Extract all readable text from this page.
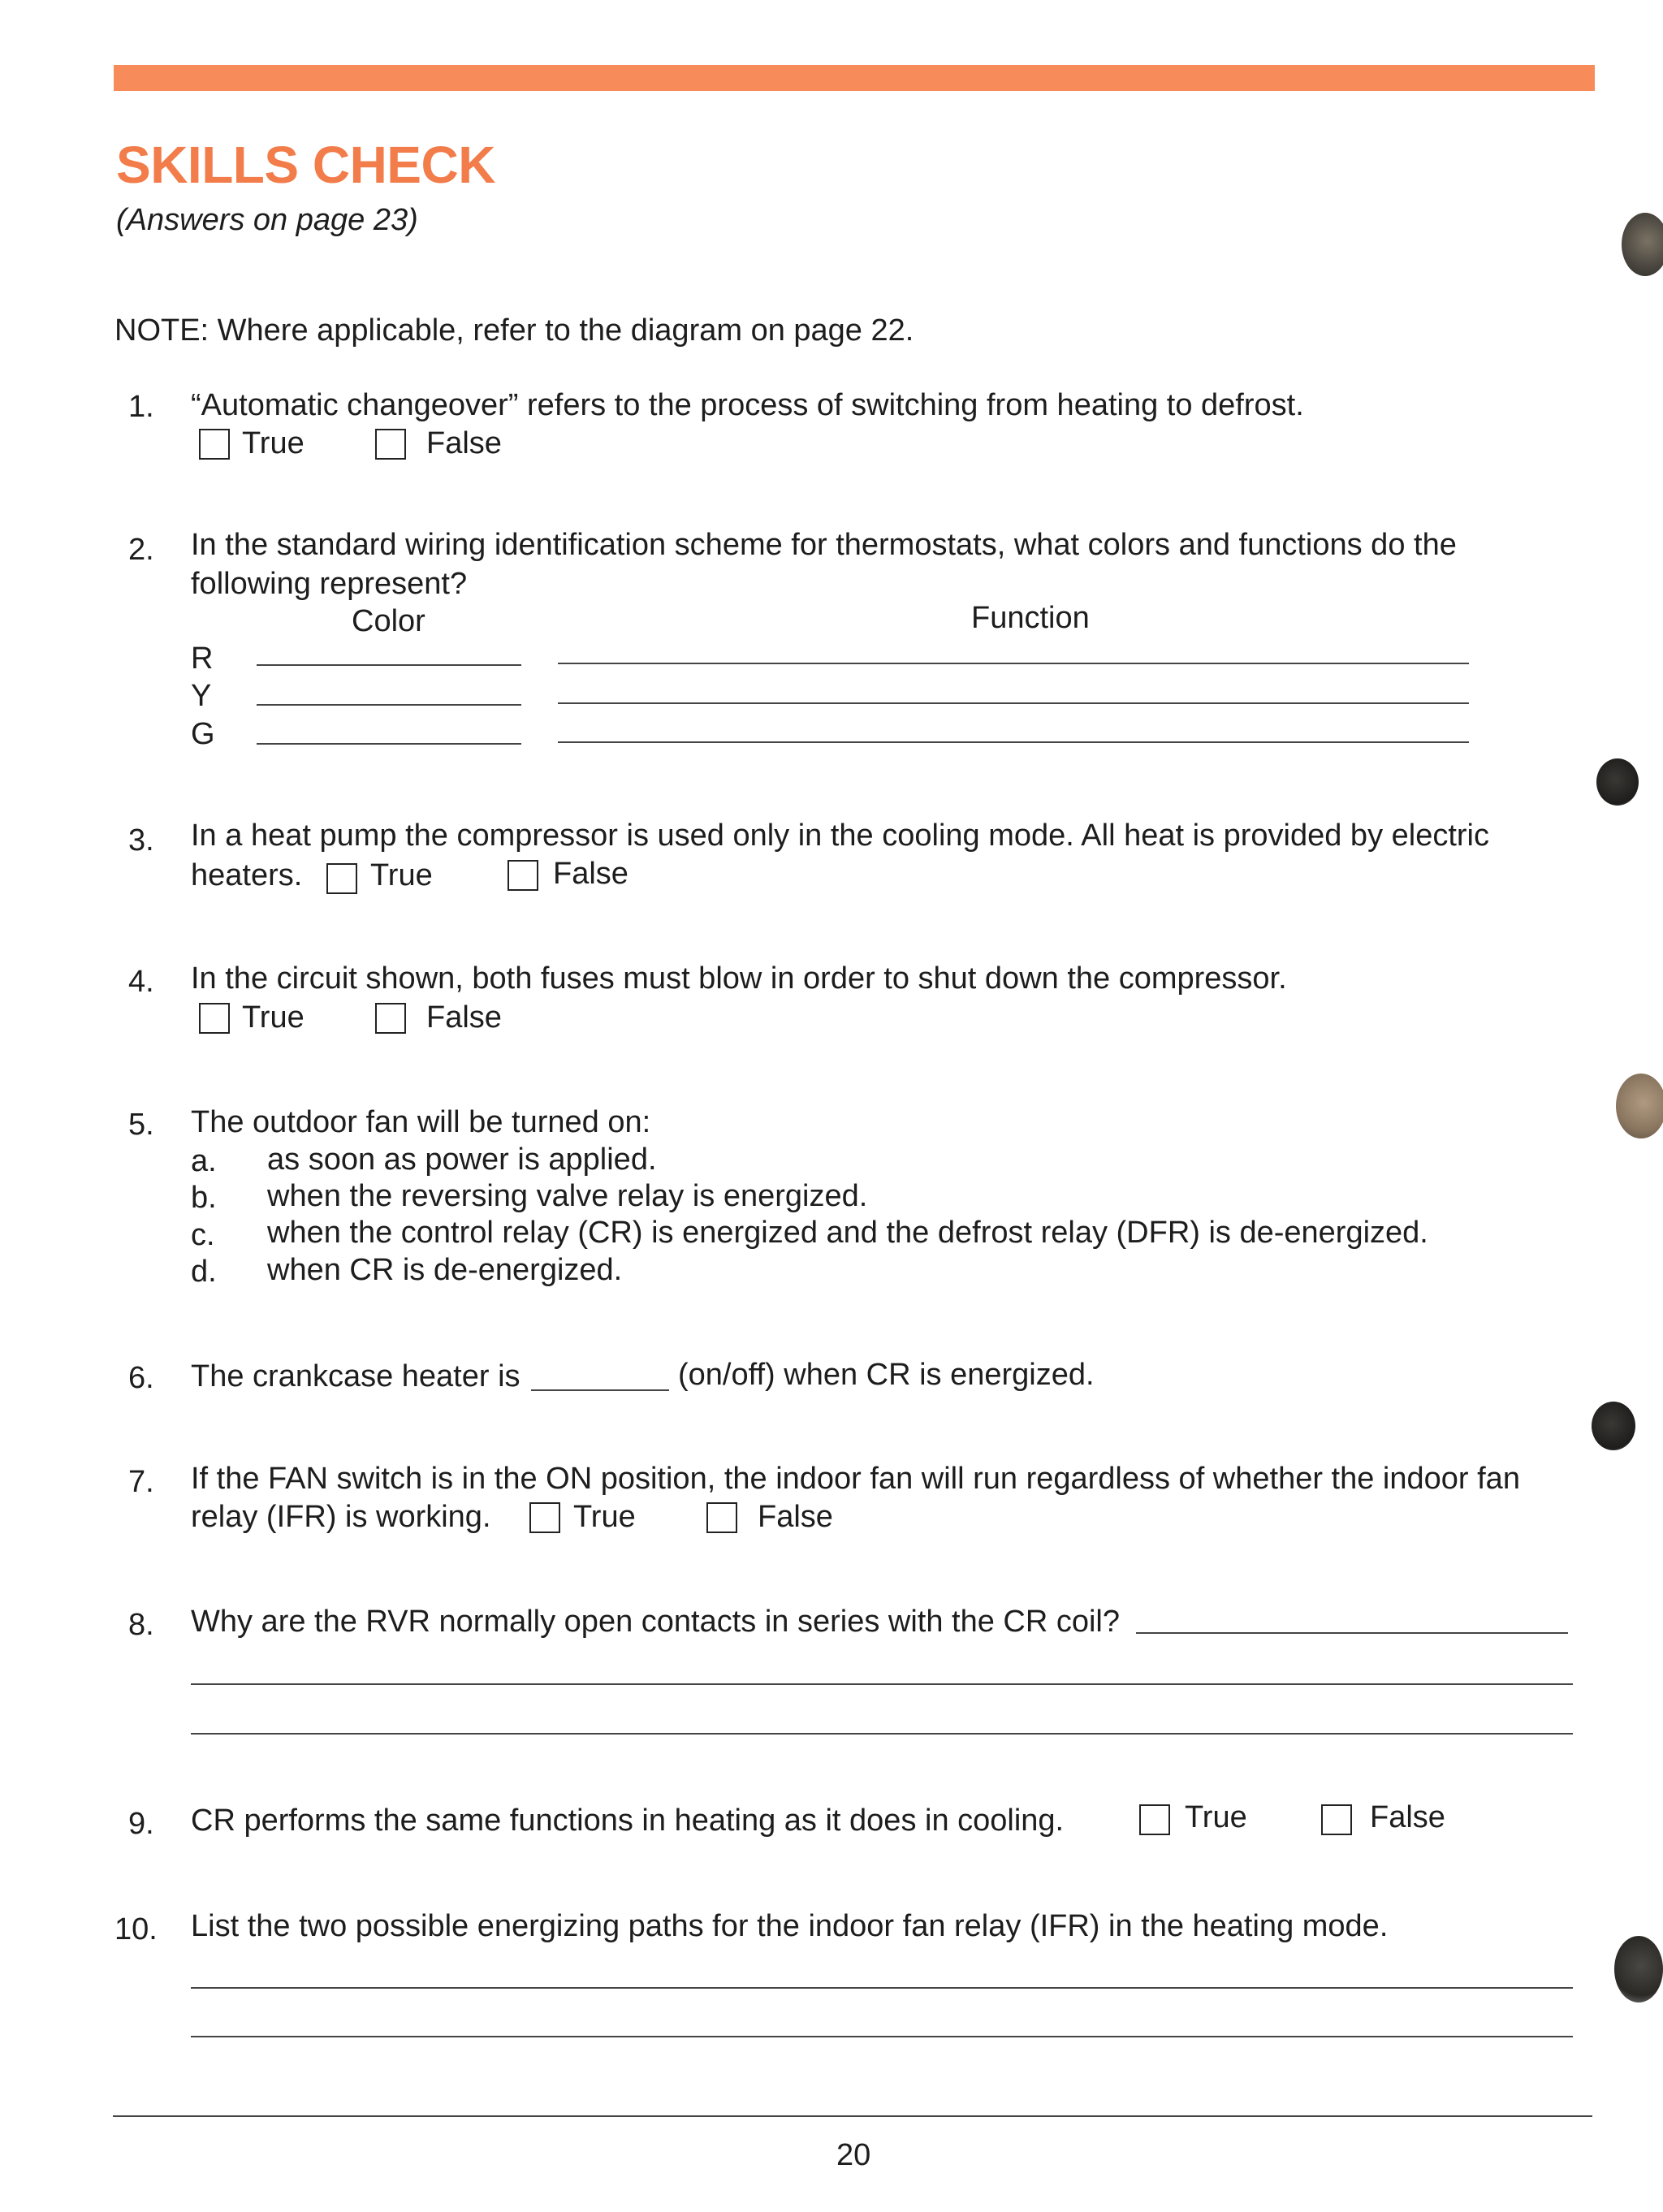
SKILLS CHECK
(Answers on page 23)
NOTE: Where applicable, refer to the diagram on page 22.
1. “Automatic changeover” refers to the process of switching from heating to defrost.
True	False
2. In the standard wiring identification scheme for thermostats, what colors and functions do the
following represent?
Color	Function
R
Y
G
3. In a heat pump the compressor is used only in the cooling mode. All heat is provided by electric
heaters. True	False
4. In the circuit shown, both fuses must blow in order to shut down the compressor.
True	False
5. The outdoor fan will be turned on:
a. as soon as power is applied.
b. when the reversing valve relay is energized.
c. when the control relay (CR) is energized and the defrost relay (DFR) is de-energized.
d. when CR is de-energized.
6. The crankcase heater is	(on/off) when CR is energized.
7. If the FAN switch is in the ON position, the indoor fan will run regardless of whether the indoor fan
relay (IFR) is working.	True	False
8. Why are the RVR normally open contacts in series with the CR coil?
9. CR performs the same functions in heating as it does in cooling.	True	False
10. List the two possible energizing paths for the indoor fan relay (IFR) in the heating mode.
20
